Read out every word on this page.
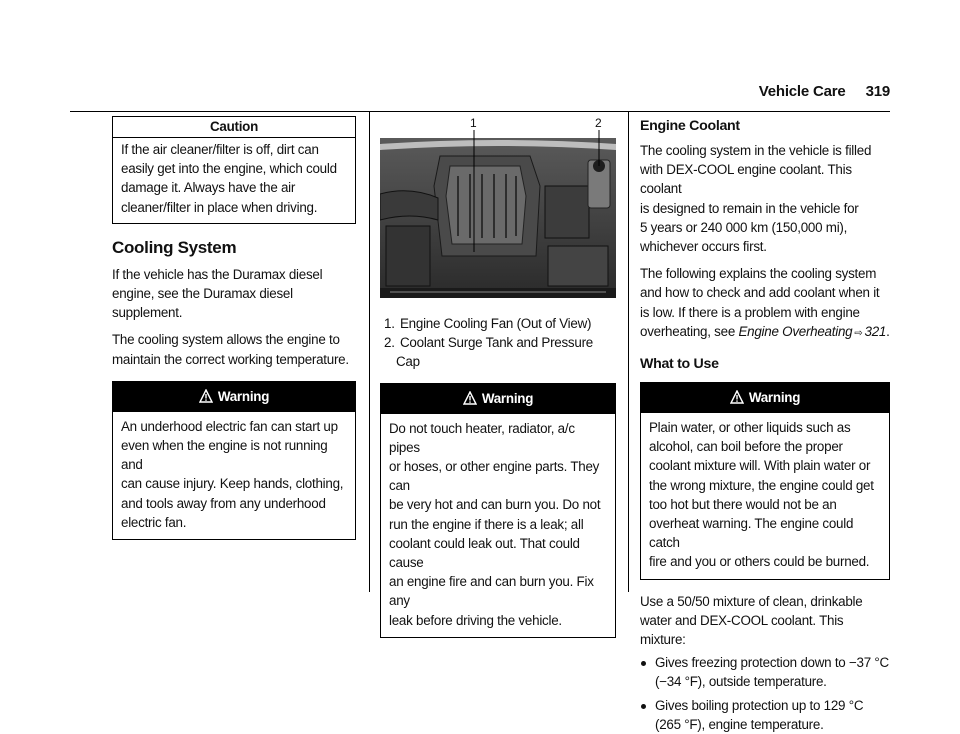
Vehicle Care 319
Caution
If the air cleaner/filter is off, dirt can
easily get into the engine, which could
damage it. Always have the air
cleaner/filter in place when driving.
Cooling System

If the vehicle has the Duramax diesel
engine, see the Duramax diesel supplement.

The cooling system allows the engine to
maintain the correct working temperature.

Warning
An underhood electric fan can start up
even when the engine is not running and
can cause injury. Keep hands, clothing,
and tools away from any underhood
electric fan.
1	2
1. Engine Cooling Fan (Out of View)
2. Coolant Surge Tank and Pressure Cap
Warning
Do not touch heater, radiator, a/c pipes
or hoses, or other engine parts. They can
be very hot and can burn you. Do not
run the engine if there is a leak; all
coolant could leak out. That could cause
an engine fire and can burn you. Fix any
leak before driving the vehicle.
Engine Coolant

The cooling system in the vehicle is filled
with DEX-COOL engine coolant. This coolant
is designed to remain in the vehicle for
5 years or 240 000 km (150,000 mi),
whichever occurs first.

The following explains the cooling system
and how to check and add coolant when it
is low. If there is a problem with engine
overheating, see Engine Overheating ⇨ 321.

What to Use
Warning
Plain water, or other liquids such as
alcohol, can boil before the proper
coolant mixture will. With plain water or
the wrong mixture, the engine could get
too hot but there would not be an
overheat warning. The engine could catch
fire and you or others could be burned.

Use a 50/50 mixture of clean, drinkable
water and DEX-COOL coolant. This mixture:

Gives freezing protection down to −37 °C
(−34 °F), outside temperature.
Gives boiling protection up to 129 °C
(265 °F), engine temperature.
